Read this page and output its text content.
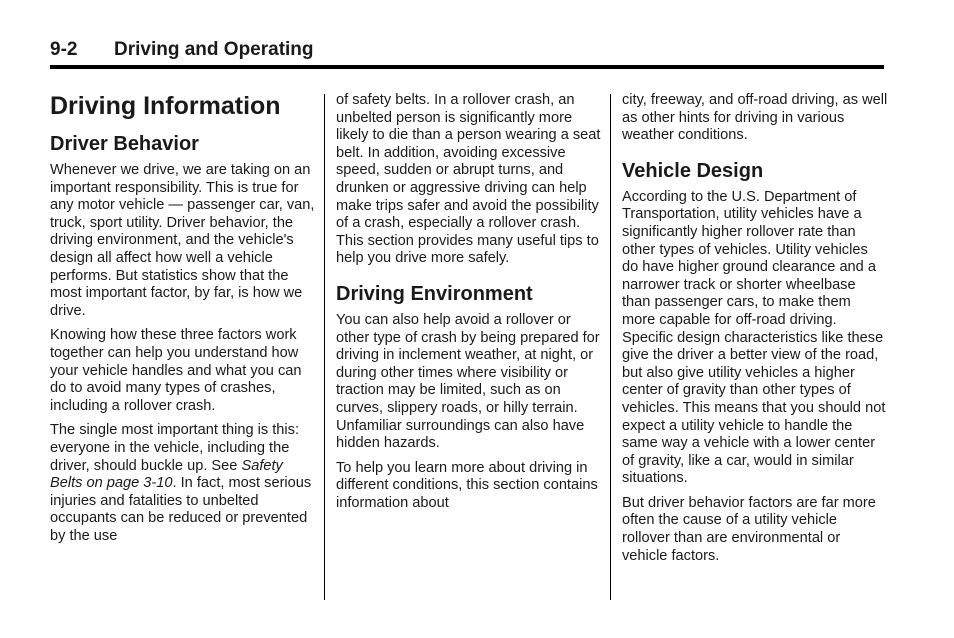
9-2 Driving and Operating
Driving Information
Driver Behavior

Whenever we drive, we are taking on an important responsibility. This is true for any motor vehicle — passenger car, van, truck, sport utility. Driver behavior, the driving environment, and the vehicle's design all affect how well a vehicle performs. But statistics show that the most important factor, by far, is how we drive.

Knowing how these three factors work together can help you understand how your vehicle handles and what you can do to avoid many types of crashes, including a rollover crash.

The single most important thing is this: everyone in the vehicle, including the driver, should buckle up. See Safety Belts on page 3-10. In fact, most serious injuries and fatalities to unbelted occupants can be reduced or prevented by the use

of safety belts. In a rollover crash, an unbelted person is significantly more likely to die than a person wearing a seat belt. In addition, avoiding excessive speed, sudden or abrupt turns, and drunken or aggressive driving can help make trips safer and avoid the possibility of a crash, especially a rollover crash. This section provides many useful tips to help you drive more safely.

Driving Environment

You can also help avoid a rollover or other type of crash by being prepared for driving in inclement weather, at night, or during other times where visibility or traction may be limited, such as on curves, slippery roads, or hilly terrain. Unfamiliar surroundings can also have hidden hazards.

To help you learn more about driving in different conditions, this section contains information about

city, freeway, and off-road driving, as well as other hints for driving in various weather conditions.

Vehicle Design

According to the U.S. Department of Transportation, utility vehicles have a significantly higher rollover rate than other types of vehicles. Utility vehicles do have higher ground clearance and a narrower track or shorter wheelbase than passenger cars, to make them more capable for off-road driving. Specific design characteristics like these give the driver a better view of the road, but also give utility vehicles a higher center of gravity than other types of vehicles. This means that you should not expect a utility vehicle to handle the same way a vehicle with a lower center of gravity, like a car, would in similar situations.

But driver behavior factors are far more often the cause of a utility vehicle rollover than are environmental or vehicle factors.
